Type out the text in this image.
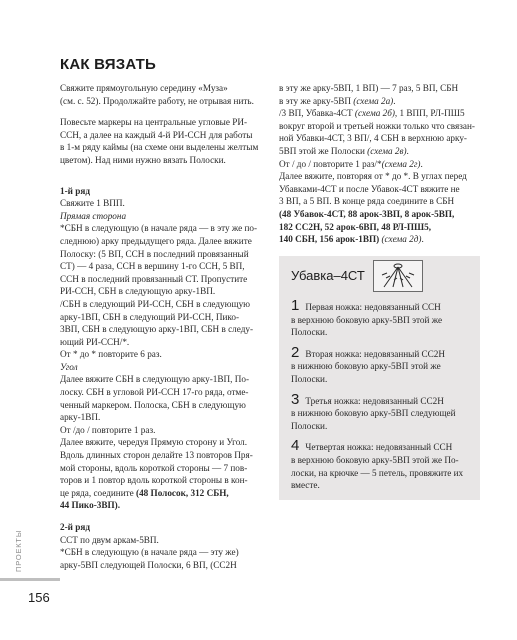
КАК ВЯЗАТЬ
Свяжите прямоугольную середину «Муза»
(см. с. 52). Продолжайте работу, не отрывая нить.
Повесьте маркеры на центральные угловые РИ-
ССН, а далее на каждый 4-й РИ-ССН для работы
в 1-м ряду каймы (на схеме они выделены желтым
цветом). Над ними нужно вязать Полоски.
1-й ряд
Свяжите 1 ВПП.
Прямая сторона
*СБН в следующую (в начале ряда — в эту же по-
следнюю) арку предыдущего ряда. Далее вяжите
Полоску: (5 ВП, ССН в последний провязанный
СТ) — 4 раза, ССН в вершину 1-го ССН, 5 ВП,
ССН в последний провязанный СТ. Пропустите
РИ-ССН, СБН в следующую арку-1ВП.
/СБН в следующий РИ-ССН, СБН в следующую
арку-1ВП, СБН в следующий РИ-ССН, Пико-
3ВП, СБН в следующую арку-1ВП, СБН в следу-
ющий РИ-ССН/*.
От * до * повторите 6 раз.
Угол
Далее вяжите СБН в следующую арку-1ВП, По-
лоску. СБН в угловой РИ-ССН 17-го ряда, отме-
ченный маркером. Полоска, СБН в следующую
арку-1ВП.
От /до / повторите 1 раз.
Далее вяжите, чередуя Прямую сторону и Угол.
Вдоль длинных сторон делайте 13 повторов Пря-
мой стороны, вдоль короткой стороны — 7 пов-
торов и 1 повтор вдоль короткой стороны в кон-
це ряда, соедините (48 Полосок, 312 СБН,
44 Пико-3ВП).
2-й ряд
ССТ по двум аркам-5ВП.
*СБН в следующую (в начале ряда — эту же)
арку-5ВП следующей Полоски, 6 ВП, (СС2Н
в эту же арку-5ВП, 1 ВП) — 7 раз, 5 ВП, СБН
в эту же арку-5ВП (схема 2а).
/3 ВП, Убавка-4СТ (схема 2б), 1 ВПП, РЛ-ПШ5
вокруг второй и третьей ножки только что связан-
ной Убавки-4СТ, 3 ВП/, 4 СБН в верхнюю арку-
5ВП этой же Полоски (схема 2в).
От / до / повторите 1 раз/*(схема 2г).
Далее вяжите, повторяя от * до *. В углах перед
Убавками-4СТ и после Убавок-4СТ вяжите не
3 ВП, а 5 ВП. В конце ряда соедините в СБН
(48 Убавок-4СТ, 88 арок-3ВП, 8 арок-5ВП,
182 СС2Н, 52 арок-6ВП, 48 РЛ-ПШ5,
140 СБН, 156 арок-1ВП) (схема 2д).
Убавка–4СТ
1 Первая ножка: недовязанный ССН
в верхнюю боковую арку-5ВП этой же
Полоски.
2 Вторая ножка: недовязанный СС2Н
в нижнюю боковую арку-5ВП этой же
Полоски.
3 Третья ножка: недовязанный СС2Н
в нижнюю боковую арку-5ВП следующей
Полоски.
4 Четвертая ножка: недовязанный ССН
в верхнюю боковую арку-5ВП этой же По-
лоски, на крючке — 5 петель, провяжите их
вместе.
ПРОЕКТЫ
156
